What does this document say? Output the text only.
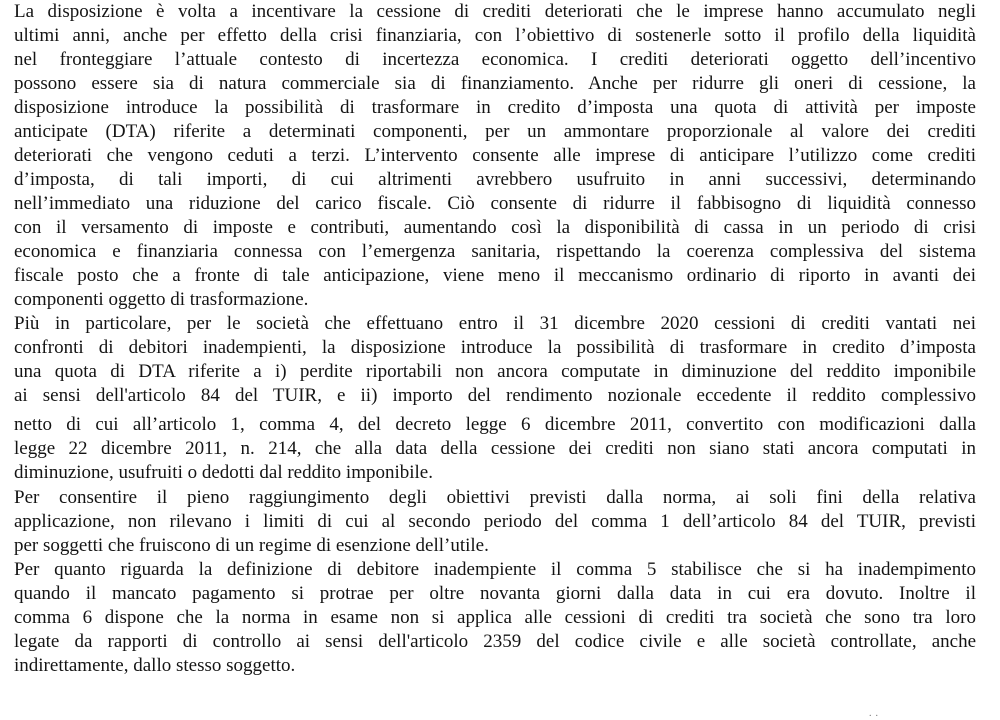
La disposizione è volta a incentivare la cessione di crediti deteriorati che le imprese hanno accumulato negli

ultimi anni, anche per effetto della crisi finanziaria, con l’obiettivo di sostenerle sotto il profilo della liquidità

nel fronteggiare l’attuale contesto di incertezza economica. I crediti deteriorati oggetto dell’incentivo

possono essere sia di natura commerciale sia di finanziamento. Anche per ridurre gli oneri di cessione, la

disposizione introduce la possibilità di trasformare in credito d’imposta una quota di attività per imposte

anticipate (DTA) riferite a determinati componenti, per un ammontare proporzionale al valore dei crediti

deteriorati che vengono ceduti a terzi. L’intervento consente alle imprese di anticipare l’utilizzo come crediti

d’imposta, di tali importi, di cui altrimenti avrebbero usufruito in anni successivi, determinando

nell’immediato una riduzione del carico fiscale. Ciò consente di ridurre il fabbisogno di liquidità connesso

con il versamento di imposte e contributi, aumentando così la disponibilità di cassa in un periodo di crisi

economica e finanziaria connessa con l’emergenza sanitaria, rispettando la coerenza complessiva del sistema

fiscale posto che a fronte di tale anticipazione, viene meno il meccanismo ordinario di riporto in avanti dei

componenti oggetto di trasformazione.

Più in particolare, per le società che effettuano entro il 31 dicembre 2020 cessioni di crediti vantati nei

confronti di debitori inadempienti, la disposizione introduce la possibilità di trasformare in credito d’imposta

una quota di DTA riferite a i) perdite riportabili non ancora computate in diminuzione del reddito imponibile

ai sensi dell'articolo 84 del TUIR, e ii) importo del rendimento nozionale eccedente il reddito complessivo

netto di cui all’articolo 1, comma 4, del decreto legge 6 dicembre 2011, convertito con modificazioni dalla

legge 22 dicembre 2011, n. 214, che alla data della cessione dei crediti non siano stati ancora computati in

diminuzione, usufruiti o dedotti dal reddito imponibile.

Per consentire il pieno raggiungimento degli obiettivi previsti dalla norma, ai soli fini della relativa

applicazione, non rilevano i limiti di cui al secondo periodo del comma 1 dell’articolo 84 del TUIR, previsti

per soggetti che fruiscono di un regime di esenzione dell’utile.

Per quanto riguarda la definizione di debitore inadempiente il comma 5 stabilisce che si ha inadempimento

quando il mancato pagamento si protrae per oltre novanta giorni dalla data in cui era dovuto. Inoltre il

comma 6 dispone che la norma in esame non si applica alle cessioni di crediti tra società che sono tra loro

legate da rapporti di controllo ai sensi dell'articolo 2359 del codice civile e alle società controllate, anche

indirettamente, dallo stesso soggetto.

..
